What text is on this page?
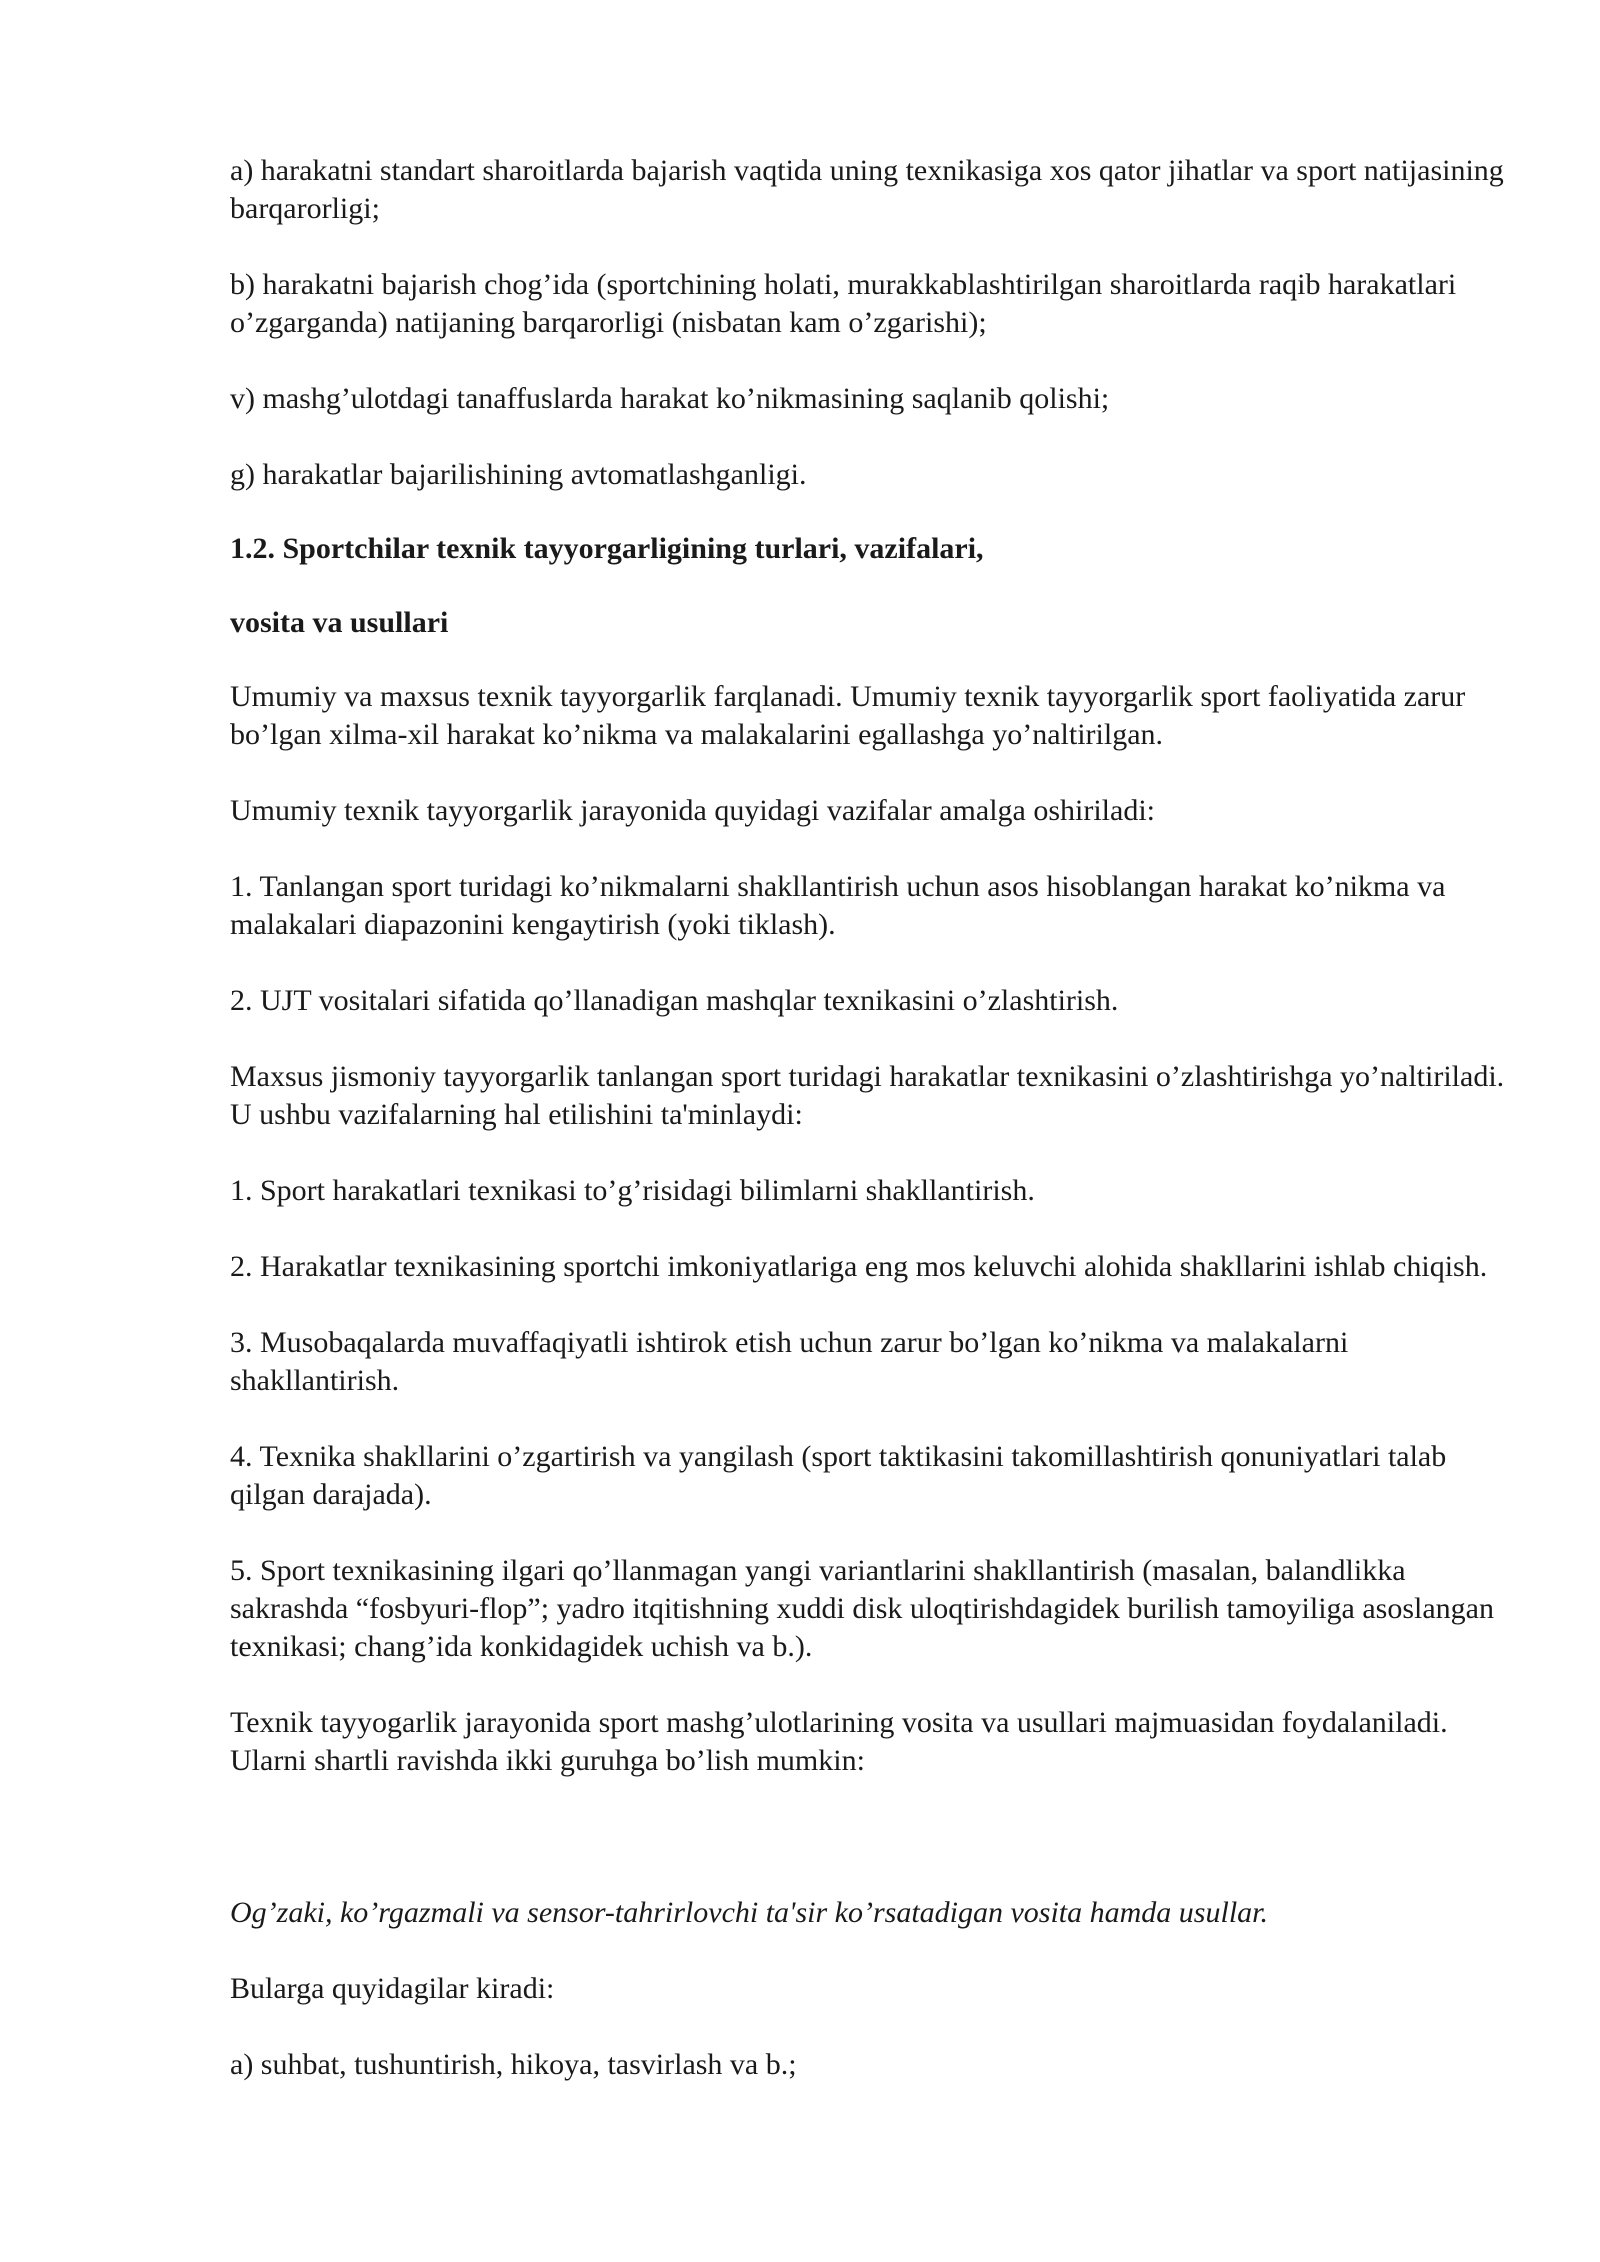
a) harakatni standart sharoitlarda bajarish vaqtida uning texnikasiga xos qator jihatlar va sport natijasining barqarorligi;

b) harakatni bajarish chog’ida (sportchining holati, murakkablashtirilgan sharoitlarda raqib harakatlari o’zgarganda) natijaning barqarorligi (nisbatan kam o’zgarishi);

v) mashg’ulotdagi tanaffuslarda harakat ko’nikmasining saqlanib qolishi;

g) harakatlar bajarilishining avtomatlashganligi.

1.2. Sportchilar texnik tayyorgarligining turlari, vazifalari,

vosita va usullari

Umumiy va maxsus texnik tayyorgarlik farqlanadi. Umumiy texnik tayyorgarlik sport faoliyatida zarur bo’lgan xilma-xil harakat ko’nikma va malakalarini egallashga yo’naltirilgan.

Umumiy texnik tayyorgarlik jarayonida quyidagi vazifalar amalga oshiriladi:

1. Tanlangan sport turidagi ko’nikmalarni shakllantirish uchun asos hisoblangan harakat ko’nikma va malakalari diapazonini kengaytirish (yoki tiklash).

2. UJT vositalari sifatida qo’llanadigan mashqlar texnikasini o’zlashtirish.

Maxsus jismoniy tayyorgarlik tanlangan sport turidagi harakatlar texnikasini o’zlashtirishga yo’naltiriladi. U ushbu vazifalarning hal etilishini ta'minlaydi:

1. Sport harakatlari texnikasi to’g’risidagi bilimlarni shakllantirish.

2. Harakatlar texnikasining sportchi imkoniyatlariga eng mos keluvchi alohida shakllarini ishlab chiqish.

3. Musobaqalarda muvaffaqiyatli ishtirok etish uchun zarur bo’lgan ko’nikma va malakalarni shakllantirish.

4. Texnika shakllarini o’zgartirish va yangilash (sport taktikasini takomillashtirish qonuniyatlari talab qilgan darajada).

5. Sport texnikasining ilgari qo’llanmagan yangi variantlarini shakllantirish (masalan, balandlikka sakrashda “fosbyuri-flop”; yadro itqitishning xuddi disk uloqtirishdagidek burilish tamoyiliga asoslangan texnikasi; chang’ida konkidagidek uchish va b.).

Texnik tayyogarlik jarayonida sport mashg’ulotlarining vosita va usullari majmuasidan foydalaniladi. Ularni shartli ravishda ikki guruhga bo’lish mumkin:

Og’zaki, ko’rgazmali va sensor-tahrirlovchi ta'sir ko’rsatadigan vosita hamda usullar.

Bularga quyidagilar kiradi:

a) suhbat, tushuntirish, hikoya, tasvirlash va b.;
